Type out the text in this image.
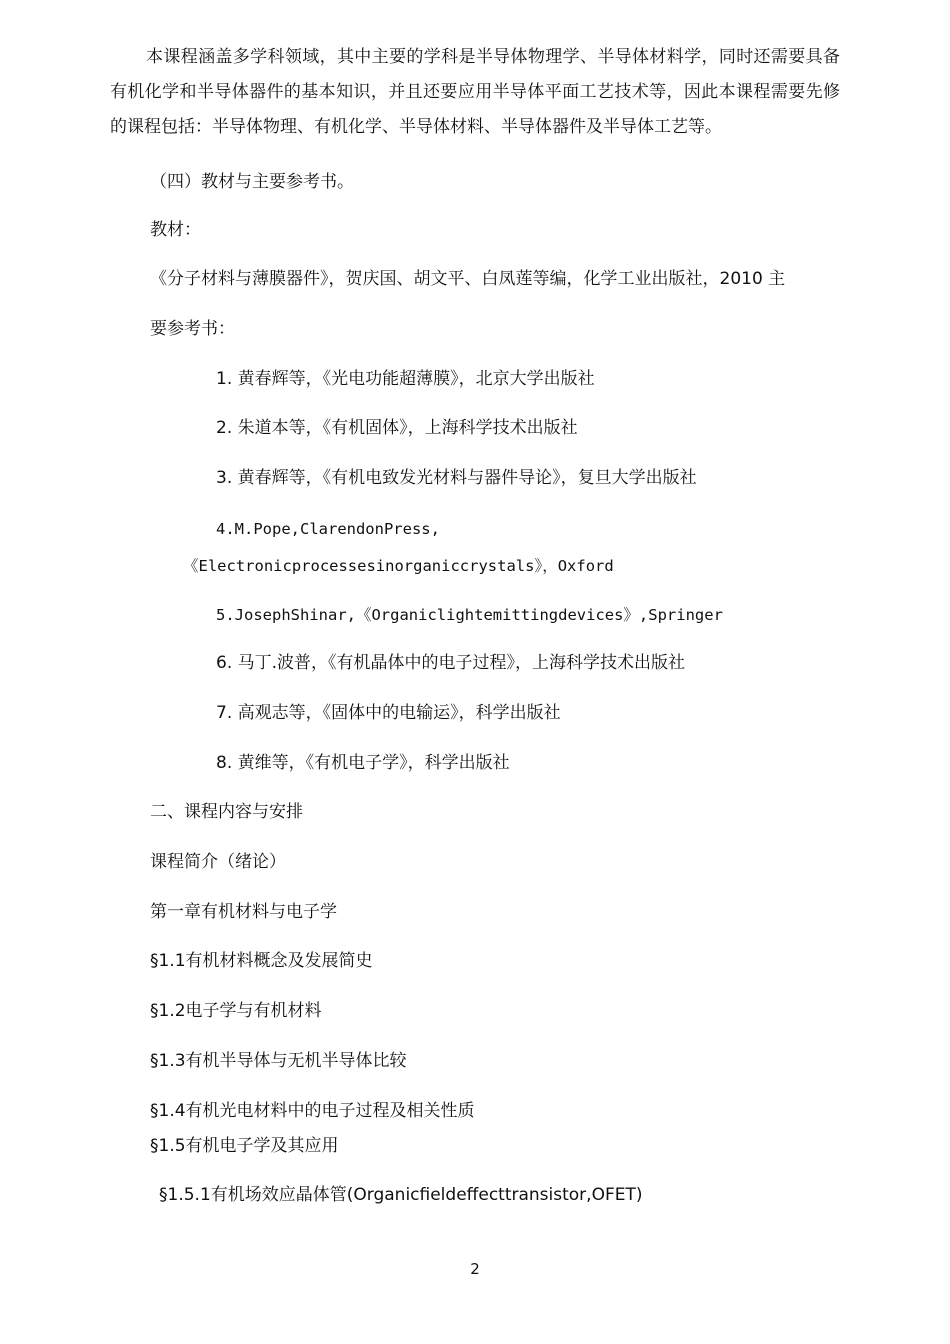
本课程涵盖多学科领域，其中主要的学科是半导体物理学、半导体材料学，同时还需要具备有机化学和半导体器件的基本知识，并且还要应用半导体平面工艺技术等，因此本课程需要先修的课程包括：半导体物理、有机化学、半导体材料、半导体器件及半导体工艺等。
（四）教材与主要参考书。
教材：
《分子材料与薄膜器件》，贺庆国、胡文平、白凤莲等编，化学工业出版社，2010 主
要参考书：
1. 黄春辉等，《光电功能超薄膜》，北京大学出版社
2. 朱道本等，《有机固体》，上海科学技术出版社
3. 黄春辉等，《有机电致发光材料与器件导论》，复旦大学出版社
4.M.Pope,ClarendonPress,
《Electronicprocessesinorganiccrystals》，Oxford
5.JosephShinar,《Organiclightemittingdevices》,Springer
6. 马丁.波普，《有机晶体中的电子过程》，上海科学技术出版社
7. 高观志等，《固体中的电输运》，科学出版社
8. 黄维等，《有机电子学》，科学出版社
二、课程内容与安排
课程简介（绪论）
第一章有机材料与电子学
§1.1有机材料概念及发展简史
§1.2电子学与有机材料
§1.3有机半导体与无机半导体比较
§1.4有机光电材料中的电子过程及相关性质
§1.5有机电子学及其应用
§1.5.1有机场效应晶体管(Organicfieldeffecttransistor,OFET)
2
